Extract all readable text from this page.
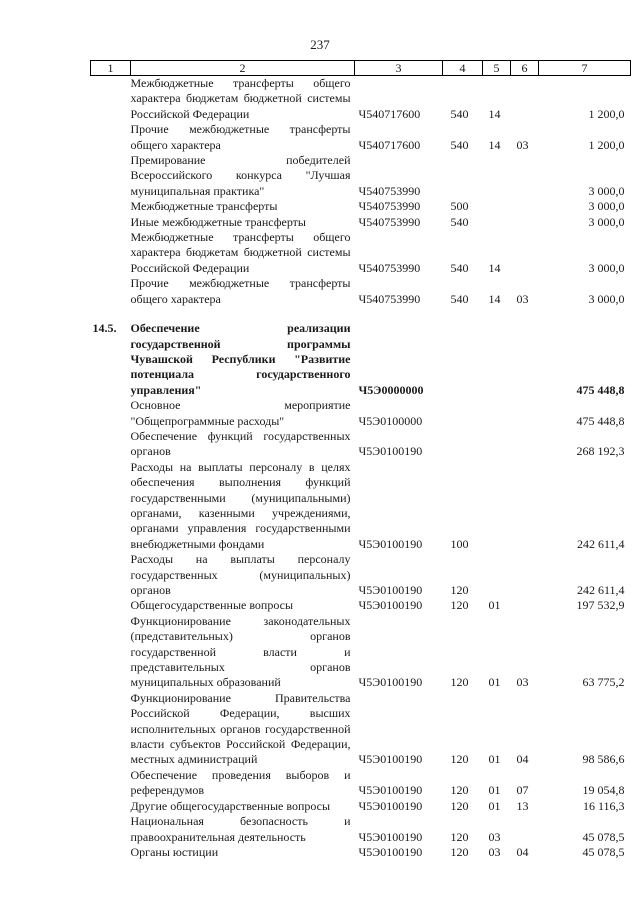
237
1	2	3	4	5	6	7
	Межбюджетные трансферты общего характера бюджетам бюджетной системы Российской Федерации	Ч540717600	540	14		1 200,0
	Прочие межбюджетные трансферты общего характера	Ч540717600	540	14	03	1 200,0
	Премирование победителей Всероссийского конкурса "Лучшая муниципальная практика"	Ч540753990				3 000,0
	Межбюджетные трансферты	Ч540753990	500			3 000,0
	Иные межбюджетные трансферты	Ч540753990	540			3 000,0
	Межбюджетные трансферты общего характера бюджетам бюджетной системы Российской Федерации	Ч540753990	540	14		3 000,0
	Прочие межбюджетные трансферты общего характера	Ч540753990	540	14	03	3 000,0

14.5.	Обеспечение реализации государственной программы Чувашской Республики "Развитие потенциала государственного управления"	Ч5Э0000000				475 448,8
	Основное мероприятие "Общепрограммные расходы"	Ч5Э0100000				475 448,8
	Обеспечение функций государственных органов	Ч5Э0100190				268 192,3
	Расходы на выплаты персоналу в целях обеспечения выполнения функций государственными (муниципальными) органами, казенными учреждениями, органами управления государственными внебюджетными фондами	Ч5Э0100190	100			242 611,4
	Расходы на выплаты персоналу государственных (муниципальных) органов	Ч5Э0100190	120			242 611,4
	Общегосударственные вопросы	Ч5Э0100190	120	01		197 532,9
	Функционирование законодательных (представительных) органов государственной власти и представительных органов муниципальных образований	Ч5Э0100190	120	01	03	63 775,2
	Функционирование Правительства Российской Федерации, высших исполнительных органов государственной власти субъектов Российской Федерации, местных администраций	Ч5Э0100190	120	01	04	98 586,6
	Обеспечение проведения выборов и референдумов	Ч5Э0100190	120	01	07	19 054,8
	Другие общегосударственные вопросы	Ч5Э0100190	120	01	13	16 116,3
	Национальная безопасность и правоохранительная деятельность	Ч5Э0100190	120	03		45 078,5
	Органы юстиции	Ч5Э0100190	120	03	04	45 078,5
